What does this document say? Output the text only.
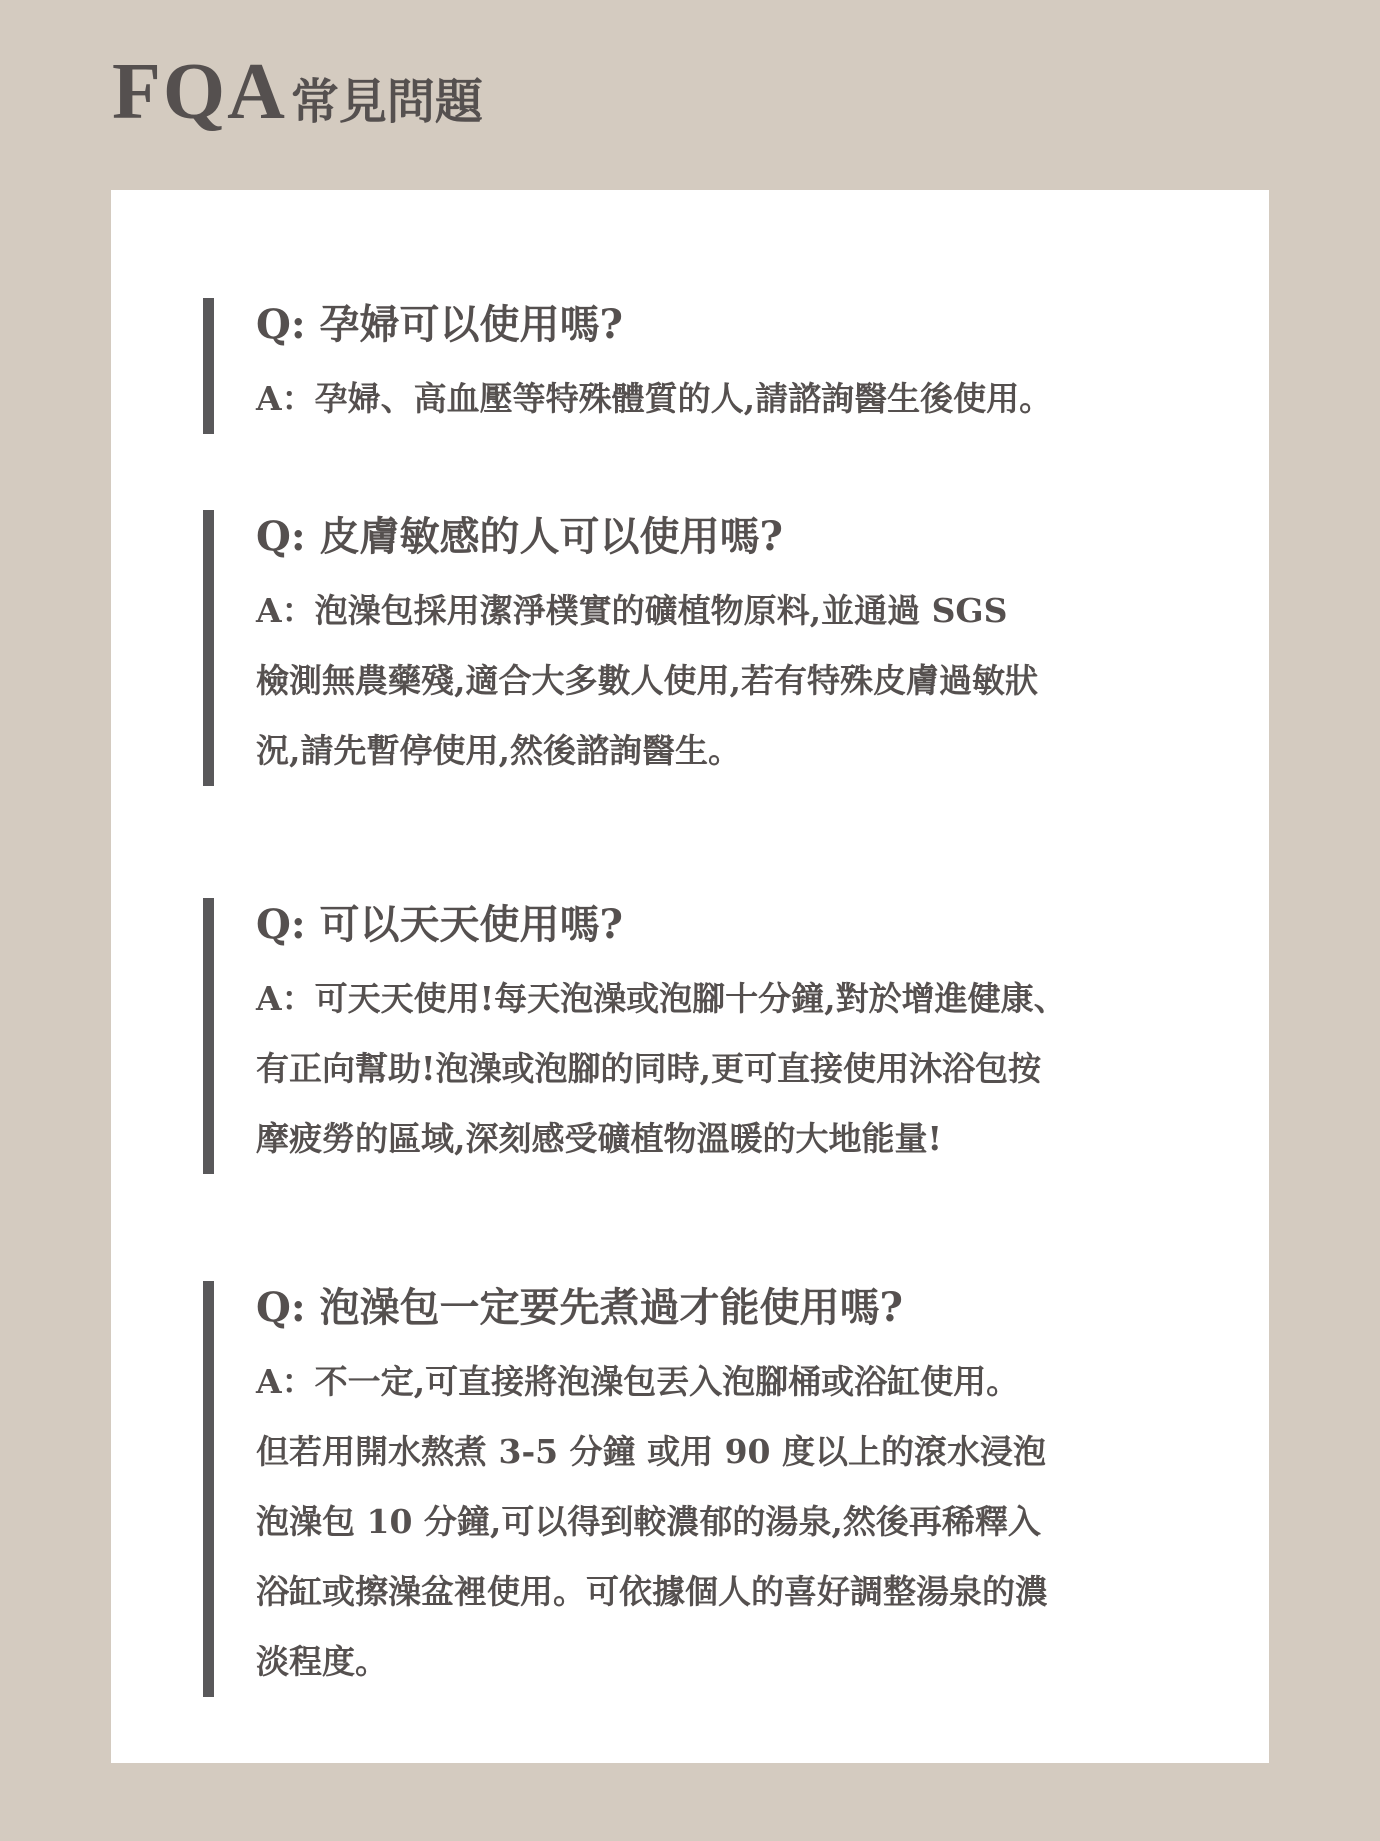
FQA常見問題

Q: 孕婦可以使用嗎?

A：孕婦、高血壓等特殊體質的人,請諮詢醫生後使用。

Q: 皮膚敏感的人可以使用嗎?

A：泡澡包採用潔淨樸實的礦植物原料,並通過 SGS
檢測無農藥殘,適合大多數人使用,若有特殊皮膚過敏狀
況,請先暫停使用,然後諮詢醫生。

Q: 可以天天使用嗎?

A：可天天使用!每天泡澡或泡腳十分鐘,對於增進健康、
有正向幫助!泡澡或泡腳的同時,更可直接使用沐浴包按
摩疲勞的區域,深刻感受礦植物溫暖的大地能量!

Q: 泡澡包一定要先煮過才能使用嗎?

A：不一定,可直接將泡澡包丟入泡腳桶或浴缸使用。
但若用開水熬煮 3-5 分鐘 或用 90 度以上的滾水浸泡
泡澡包 10 分鐘,可以得到較濃郁的湯泉,然後再稀釋入
浴缸或擦澡盆裡使用。可依據個人的喜好調整湯泉的濃
淡程度。
